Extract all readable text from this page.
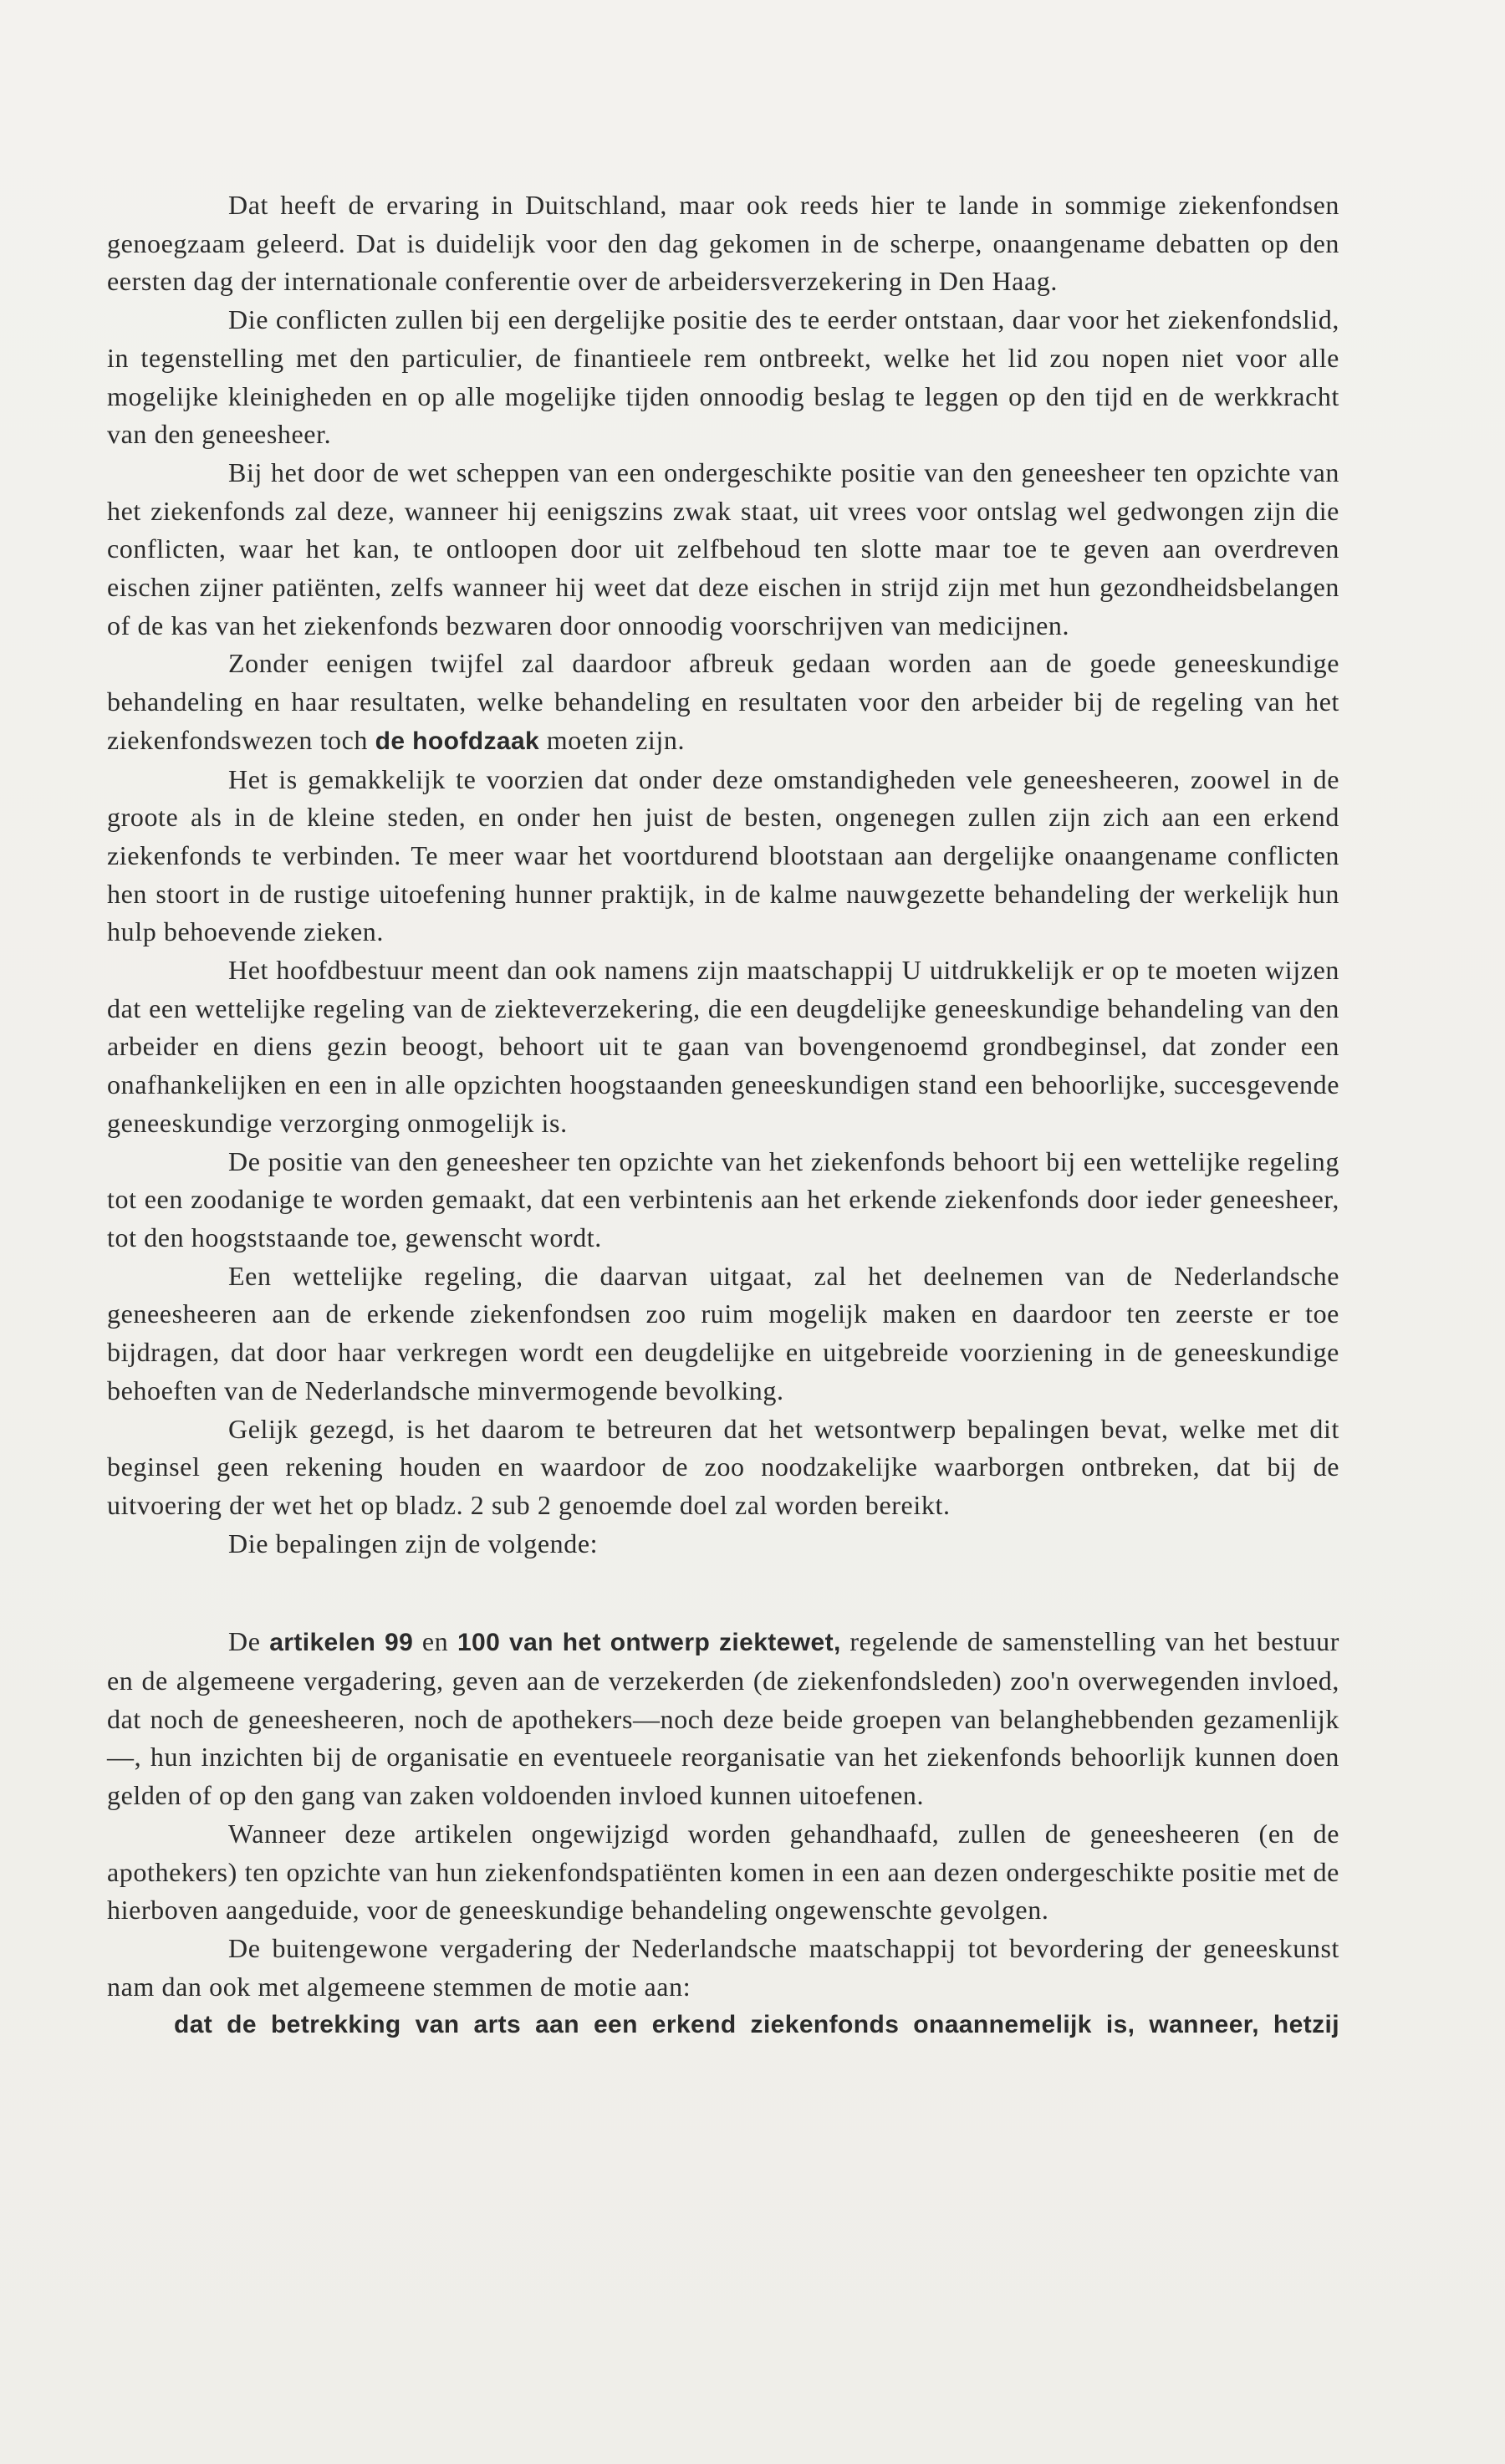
Dat heeft de ervaring in Duitschland, maar ook reeds hier te lande in sommige ziekenfondsen genoegzaam geleerd. Dat is duidelijk voor den dag gekomen in de scherpe, onaangename debatten op den eersten dag der internationale conferentie over de arbeidersverzekering in Den Haag.

Die conflicten zullen bij een dergelijke positie des te eerder ontstaan, daar voor het ziekenfondslid, in tegenstelling met den particulier, de finantieele rem ontbreekt, welke het lid zou nopen niet voor alle mogelijke kleinigheden en op alle mogelijke tijden onnoodig beslag te leggen op den tijd en de werkkracht van den geneesheer.

Bij het door de wet scheppen van een ondergeschikte positie van den geneesheer ten opzichte van het ziekenfonds zal deze, wanneer hij eenigszins zwak staat, uit vrees voor ontslag wel gedwongen zijn die conflicten, waar het kan, te ontloopen door uit zelfbehoud ten slotte maar toe te geven aan overdreven eischen zijner patiënten, zelfs wanneer hij weet dat deze eischen in strijd zijn met hun gezondheidsbelangen of de kas van het ziekenfonds bezwaren door onnoodig voorschrijven van medicijnen.

Zonder eenigen twijfel zal daardoor afbreuk gedaan worden aan de goede geneeskundige behandeling en haar resultaten, welke behandeling en resultaten voor den arbeider bij de regeling van het ziekenfondswezen toch de hoofdzaak moeten zijn.

Het is gemakkelijk te voorzien dat onder deze omstandigheden vele geneesheeren, zoowel in de groote als in de kleine steden, en onder hen juist de besten, ongenegen zullen zijn zich aan een erkend ziekenfonds te verbinden. Te meer waar het voortdurend blootstaan aan dergelijke onaangename conflicten hen stoort in de rustige uitoefening hunner praktijk, in de kalme nauwgezette behandeling der werkelijk hun hulp behoevende zieken.

Het hoofdbestuur meent dan ook namens zijn maatschappij U uitdrukkelijk er op te moeten wijzen dat een wettelijke regeling van de ziekteverzekering, die een deugdelijke geneeskundige behandeling van den arbeider en diens gezin beoogt, behoort uit te gaan van bovengenoemd grondbeginsel, dat zonder een onafhankelijken en een in alle opzichten hoogstaanden geneeskundigen stand een behoorlijke, succesgevende geneeskundige verzorging onmogelijk is.

De positie van den geneesheer ten opzichte van het ziekenfonds behoort bij een wettelijke regeling tot een zoodanige te worden gemaakt, dat een verbintenis aan het erkende ziekenfonds door ieder geneesheer, tot den hoogststaande toe, gewenscht wordt.

Een wettelijke regeling, die daarvan uitgaat, zal het deelnemen van de Nederlandsche geneesheeren aan de erkende ziekenfondsen zoo ruim mogelijk maken en daardoor ten zeerste er toe bijdragen, dat door haar verkregen wordt een deugdelijke en uitgebreide voorziening in de geneeskundige behoeften van de Nederlandsche minvermogende bevolking.

Gelijk gezegd, is het daarom te betreuren dat het wetsontwerp bepalingen bevat, welke met dit beginsel geen rekening houden en waardoor de zoo noodzakelijke waarborgen ontbreken, dat bij de uitvoering der wet het op bladz. 2 sub 2 genoemde doel zal worden bereikt.

Die bepalingen zijn de volgende:

De artikelen 99 en 100 van het ontwerp ziektewet, regelende de samenstelling van het bestuur en de algemeene vergadering, geven aan de verzekerden (de ziekenfondsleden) zoo'n overwegenden invloed, dat noch de geneesheeren, noch de apothekers—noch deze beide groepen van belanghebbenden gezamenlijk —, hun inzichten bij de organisatie en eventueele reorganisatie van het ziekenfonds behoorlijk kunnen doen gelden of op den gang van zaken voldoenden invloed kunnen uitoefenen.

Wanneer deze artikelen ongewijzigd worden gehandhaafd, zullen de geneesheeren (en de apothekers) ten opzichte van hun ziekenfondspatiënten komen in een aan dezen ondergeschikte positie met de hierboven aangeduide, voor de geneeskundige behandeling ongewenschte gevolgen.

De buitengewone vergadering der Nederlandsche maatschappij tot bevordering der geneeskunst nam dan ook met algemeene stemmen de motie aan:

dat de betrekking van arts aan een erkend ziekenfonds onaannemelijk is, wanneer, hetzij
